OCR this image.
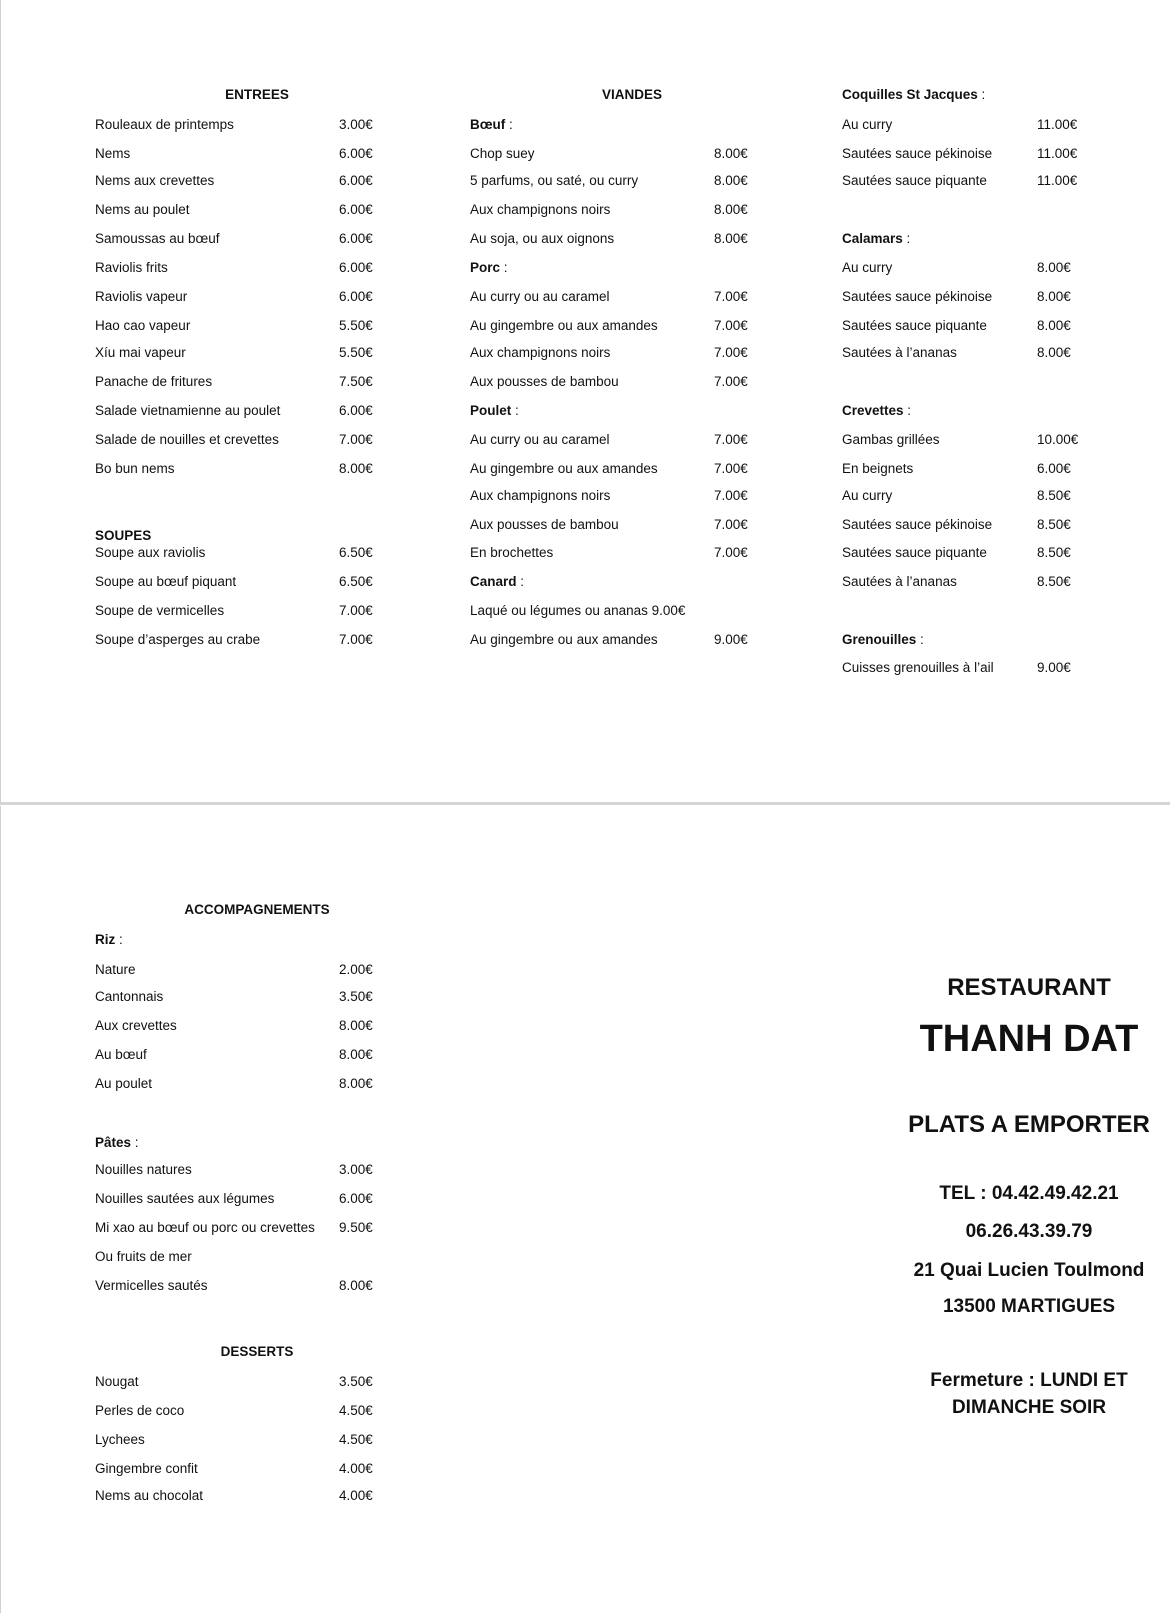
ENTREES
Rouleaux de printemps	3.00€
Nems	6.00€
Nems aux crevettes	6.00€
Nems au poulet	6.00€
Samoussas au bœuf	6.00€
Raviolis frits	6.00€
Raviolis vapeur	6.00€
Hao cao vapeur	5.50€
Xíu mai vapeur	5.50€
Panache de fritures	7.50€
Salade vietnamienne au poulet	6.00€
Salade de nouilles et crevettes	7.00€
Bo bun nems	8.00€
SOUPES
Soupe aux raviolis	6.50€
Soupe au bœuf piquant	6.50€
Soupe de vermicelles	7.00€
Soupe d’asperges au crabe	7.00€
VIANDES
Bœuf :
Chop suey	8.00€
5 parfums, ou saté, ou curry	8.00€
Aux champignons noirs	8.00€
Au soja, ou aux oignons	8.00€
Porc :
Au curry ou au caramel	7.00€
Au gingembre ou aux amandes	7.00€
Aux champignons noirs	7.00€
Aux pousses de bambou	7.00€
Poulet :
Au curry ou au caramel	7.00€
Au gingembre ou aux amandes	7.00€
Aux champignons noirs	7.00€
Aux pousses de bambou	7.00€
En brochettes	7.00€
Canard :
Laqué ou légumes ou ananas 9.00€
Au gingembre ou aux amandes	9.00€
Coquilles St Jacques :
Au curry	11.00€
Sautées sauce pékinoise	11.00€
Sautées sauce piquante	11.00€
Calamars :
Au curry	8.00€
Sautées sauce pékinoise	8.00€
Sautées sauce piquante	8.00€
Sautées à l’ananas	8.00€
Crevettes :
Gambas grillées	10.00€
En beignets	6.00€
Au curry	8.50€
Sautées sauce pékinoise	8.50€
Sautées sauce piquante	8.50€
Sautées à l’ananas	8.50€
Grenouilles :
Cuisses grenouilles à l’ail	9.00€
ACCOMPAGNEMENTS
Riz :
Nature	2.00€
Cantonnais	3.50€
Aux crevettes	8.00€
Au bœuf	8.00€
Au poulet	8.00€
Pâtes :
Nouilles natures	3.00€
Nouilles sautées aux légumes	6.00€
Mi xao au bœuf ou porc ou crevettes 9.50€
Ou fruits de mer
Vermicelles sautés	8.00€
DESSERTS
Nougat	3.50€
Perles de coco	4.50€
Lychees	4.50€
Gingembre confit	4.00€
Nems au chocolat	4.00€
RESTAURANT
THANH DAT
PLATS A EMPORTER
TEL : 04.42.49.42.21
06.26.43.39.79
21 Quai Lucien Toulmond
13500 MARTIGUES
Fermeture : LUNDI ET
DIMANCHE SOIR
